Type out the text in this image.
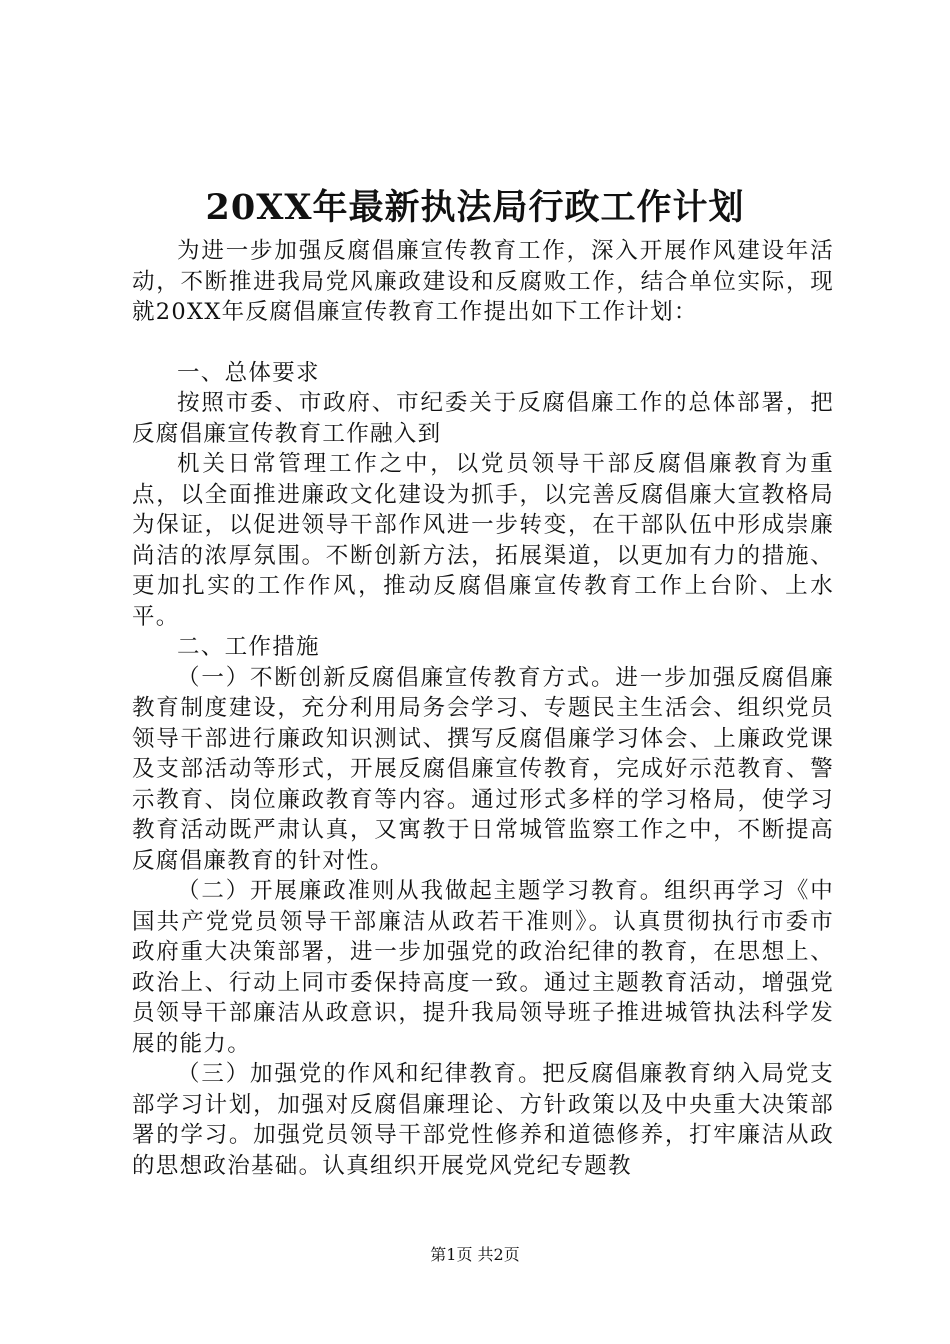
20XX年最新执法局行政工作计划

为进一步加强反腐倡廉宣传教育工作，深入开展作风建设年活动，不断推进我局党风廉政建设和反腐败工作，结合单位实际，现就20XX年反腐倡廉宣传教育工作提出如下工作计划：

一、总体要求

按照市委、市政府、市纪委关于反腐倡廉工作的总体部署，把反腐倡廉宣传教育工作融入到

机关日常管理工作之中，以党员领导干部反腐倡廉教育为重点，以全面推进廉政文化建设为抓手，以完善反腐倡廉大宣教格局为保证，以促进领导干部作风进一步转变，在干部队伍中形成崇廉尚洁的浓厚氛围。不断创新方法，拓展渠道，以更加有力的措施、更加扎实的工作作风，推动反腐倡廉宣传教育工作上台阶、上水平。

二、工作措施

（一）不断创新反腐倡廉宣传教育方式。进一步加强反腐倡廉教育制度建设，充分利用局务会学习、专题民主生活会、组织党员领导干部进行廉政知识测试、撰写反腐倡廉学习体会、上廉政党课及支部活动等形式，开展反腐倡廉宣传教育，完成好示范教育、警示教育、岗位廉政教育等内容。通过形式多样的学习格局，使学习教育活动既严肃认真，又寓教于日常城管监察工作之中，不断提高反腐倡廉教育的针对性。

（二）开展廉政准则从我做起主题学习教育。组织再学习《中国共产党党员领导干部廉洁从政若干准则》。认真贯彻执行市委市政府重大决策部署，进一步加强党的政治纪律的教育，在思想上、政治上、行动上同市委保持高度一致。通过主题教育活动，增强党员领导干部廉洁从政意识，提升我局领导班子推进城管执法科学发展的能力。

（三）加强党的作风和纪律教育。把反腐倡廉教育纳入局党支部学习计划，加强对反腐倡廉理论、方针政策以及中央重大决策部署的学习。加强党员领导干部党性修养和道德修养，打牢廉洁从政的思想政治基础。认真组织开展党风党纪专题教

第1页 共2页
